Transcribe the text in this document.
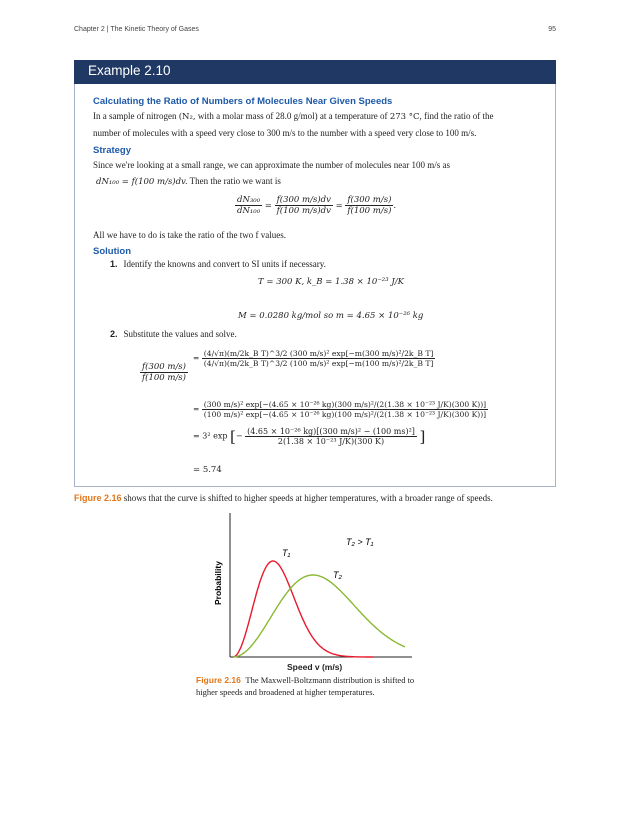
Chapter 2 | The Kinetic Theory of Gases	95
Example 2.10
Calculating the Ratio of Numbers of Molecules Near Given Speeds
In a sample of nitrogen (N₂, with a molar mass of 28.0 g/mol) at a temperature of 273 °C, find the ratio of the
number of molecules with a speed very close to 300 m/s to the number with a speed very close to 100 m/s.
Strategy
Since we're looking at a small range, we can approximate the number of molecules near 100 m/s as
dN₁₀₀ = f(100 m/s)dv. Then the ratio we want is
$\frac{\text{dN₃₀₀}}{\text{dN₁₀₀}} = \frac{f(300 m/s)dv}{f(100 m/s)dv} = \frac{f(300 m/s)}{f(100 m/s)}$ .
All we have to do is take the ratio of the two f values.
Solution
1. Identify the knowns and convert to SI units if necessary.
T = 300 K, k_B = 1.38 × 10⁻²³ J/K
M = 0.0280 kg/mol so m = 4.65 × 10⁻²⁶ kg
2. Substitute the values and solve.
$\frac{f(300 m/s)}{f(100 m/s)}$
= $\frac{\text{(4/√π)(m/2k\_B T)\textasciicircum{}3/2 (300 m/s)² exp[−m(300 m/s)²/2k\_B T]}}{\text{(4/√π)(m/2k\_B T)\textasciicircum{}3/2 (100 m/s)² exp[−m(100 m/s)²/2k\_B T]}}$
= (300 m/s)² exp[−(4.65 × 10⁻²⁶ kg)(300 m/s)²/(2(1.38 × 10⁻²³ J/K)(300 K))]
(100 m/s)² exp[−(4.65 × 10⁻²⁶ kg)(100 m/s)²/(2(1.38 × 10⁻²³ J/K)(300 K))]
= 3² exp [− $\frac{\text{(4.65 × 10⁻²⁶ kg)[(300 m/s)² − (100 ms)²]}}{\text{2(1.38 × 10⁻²³ J/K)(300 K)}}$ ]
= 5.74
Figure 2.16 shows that the curve is shifted to higher speeds at higher temperatures, with a broader range of speeds.
T₁
T₂
T₂ > T₁
Probability
Speed v (m/s)
Figure 2.16 The Maxwell-Boltzmann distribution is shifted to
higher speeds and broadened at higher temperatures.
